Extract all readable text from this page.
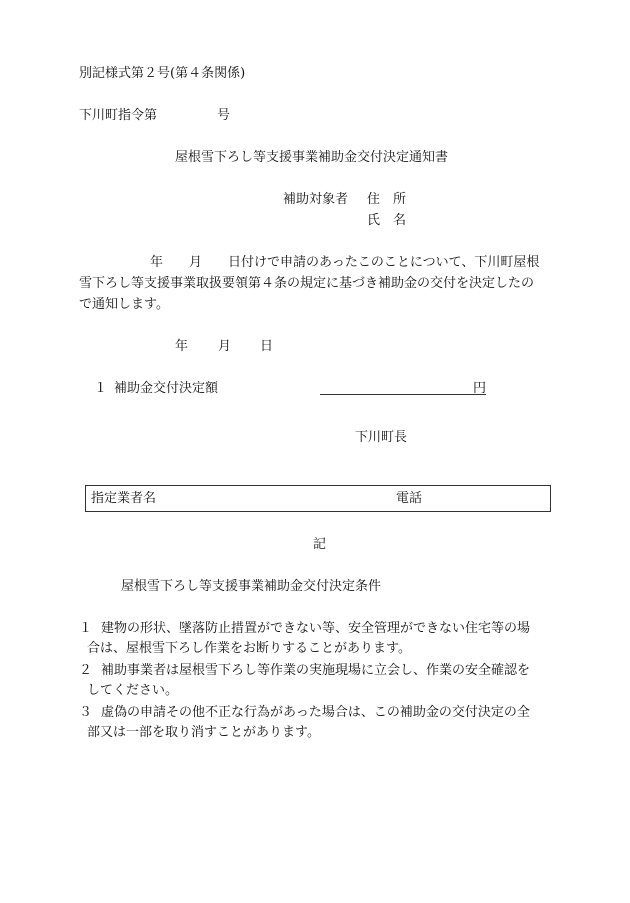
別記様式第２号(第４条関係)
下川町指令第	号
屋根雪下ろし等支援事業補助金交付決定通知書
補助対象者 住　所
氏　名
年　　月　　日付けで申請のあったこのことについて、下川町屋根
雪下ろし等支援事業取扱要領第４条の規定に基づき補助金の交付を決定したの
で通知します。
年 月 日
１ 補助金交付決定額	円
下川町長
指定業者名	電話
記
屋根雪下ろし等支援事業補助金交付決定条件
１ 建物の形状、墜落防止措置ができない等、安全管理ができない住宅等の場
合は、屋根雪下ろし作業をお断りすることがあります。
２ 補助事業者は屋根雪下ろし等作業の実施現場に立会し、作業の安全確認を
してください。
３ 虚偽の申請その他不正な行為があった場合は、この補助金の交付決定の全
部又は一部を取り消すことがあります。
